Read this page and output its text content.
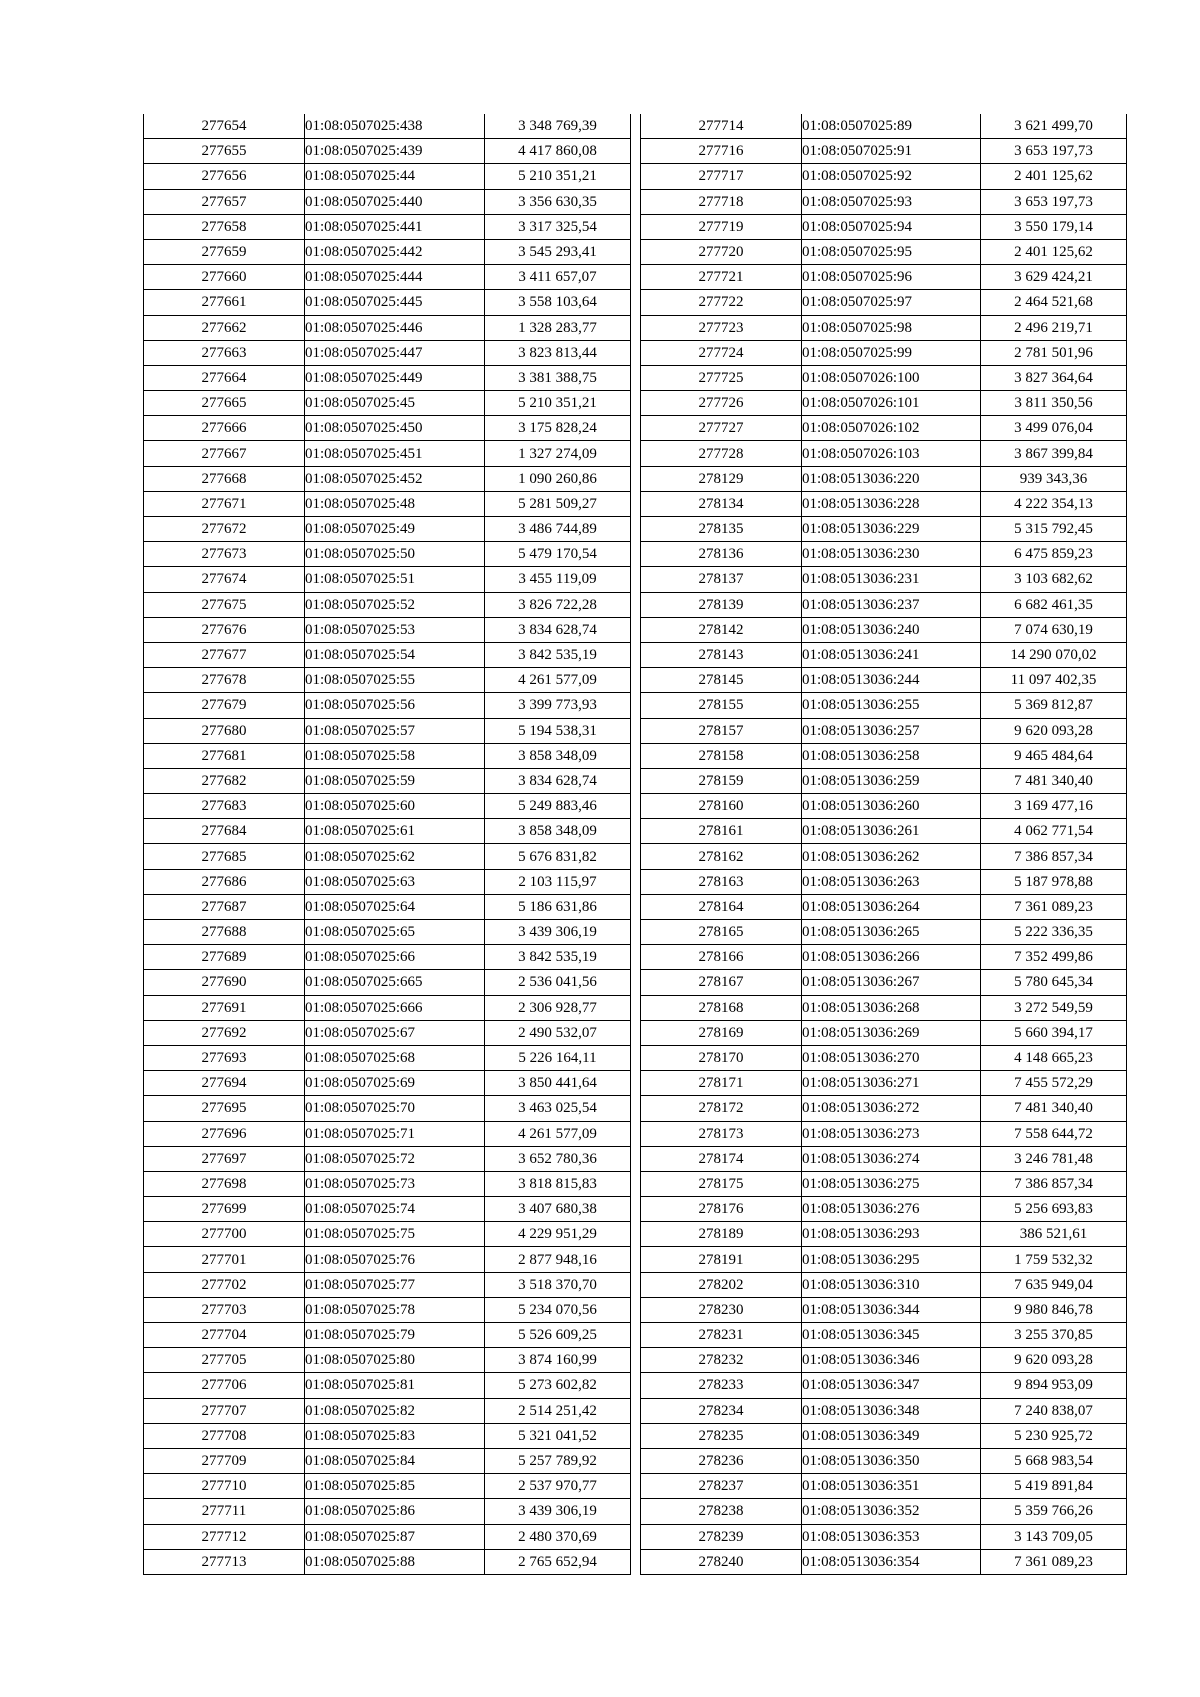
277654	01:08:0507025:438	3 348 769,39
277655	01:08:0507025:439	4 417 860,08
277656	01:08:0507025:44	5 210 351,21
277657	01:08:0507025:440	3 356 630,35
277658	01:08:0507025:441	3 317 325,54
277659	01:08:0507025:442	3 545 293,41
277660	01:08:0507025:444	3 411 657,07
277661	01:08:0507025:445	3 558 103,64
277662	01:08:0507025:446	1 328 283,77
277663	01:08:0507025:447	3 823 813,44
277664	01:08:0507025:449	3 381 388,75
277665	01:08:0507025:45	5 210 351,21
277666	01:08:0507025:450	3 175 828,24
277667	01:08:0507025:451	1 327 274,09
277668	01:08:0507025:452	1 090 260,86
277671	01:08:0507025:48	5 281 509,27
277672	01:08:0507025:49	3 486 744,89
277673	01:08:0507025:50	5 479 170,54
277674	01:08:0507025:51	3 455 119,09
277675	01:08:0507025:52	3 826 722,28
277676	01:08:0507025:53	3 834 628,74
277677	01:08:0507025:54	3 842 535,19
277678	01:08:0507025:55	4 261 577,09
277679	01:08:0507025:56	3 399 773,93
277680	01:08:0507025:57	5 194 538,31
277681	01:08:0507025:58	3 858 348,09
277682	01:08:0507025:59	3 834 628,74
277683	01:08:0507025:60	5 249 883,46
277684	01:08:0507025:61	3 858 348,09
277685	01:08:0507025:62	5 676 831,82
277686	01:08:0507025:63	2 103 115,97
277687	01:08:0507025:64	5 186 631,86
277688	01:08:0507025:65	3 439 306,19
277689	01:08:0507025:66	3 842 535,19
277690	01:08:0507025:665	2 536 041,56
277691	01:08:0507025:666	2 306 928,77
277692	01:08:0507025:67	2 490 532,07
277693	01:08:0507025:68	5 226 164,11
277694	01:08:0507025:69	3 850 441,64
277695	01:08:0507025:70	3 463 025,54
277696	01:08:0507025:71	4 261 577,09
277697	01:08:0507025:72	3 652 780,36
277698	01:08:0507025:73	3 818 815,83
277699	01:08:0507025:74	3 407 680,38
277700	01:08:0507025:75	4 229 951,29
277701	01:08:0507025:76	2 877 948,16
277702	01:08:0507025:77	3 518 370,70
277703	01:08:0507025:78	5 234 070,56
277704	01:08:0507025:79	5 526 609,25
277705	01:08:0507025:80	3 874 160,99
277706	01:08:0507025:81	5 273 602,82
277707	01:08:0507025:82	2 514 251,42
277708	01:08:0507025:83	5 321 041,52
277709	01:08:0507025:84	5 257 789,92
277710	01:08:0507025:85	2 537 970,77
277711	01:08:0507025:86	3 439 306,19
277712	01:08:0507025:87	2 480 370,69
277713	01:08:0507025:88	2 765 652,94
277714	01:08:0507025:89	3 621 499,70
277716	01:08:0507025:91	3 653 197,73
277717	01:08:0507025:92	2 401 125,62
277718	01:08:0507025:93	3 653 197,73
277719	01:08:0507025:94	3 550 179,14
277720	01:08:0507025:95	2 401 125,62
277721	01:08:0507025:96	3 629 424,21
277722	01:08:0507025:97	2 464 521,68
277723	01:08:0507025:98	2 496 219,71
277724	01:08:0507025:99	2 781 501,96
277725	01:08:0507026:100	3 827 364,64
277726	01:08:0507026:101	3 811 350,56
277727	01:08:0507026:102	3 499 076,04
277728	01:08:0507026:103	3 867 399,84
278129	01:08:0513036:220	939 343,36
278134	01:08:0513036:228	4 222 354,13
278135	01:08:0513036:229	5 315 792,45
278136	01:08:0513036:230	6 475 859,23
278137	01:08:0513036:231	3 103 682,62
278139	01:08:0513036:237	6 682 461,35
278142	01:08:0513036:240	7 074 630,19
278143	01:08:0513036:241	14 290 070,02
278145	01:08:0513036:244	11 097 402,35
278155	01:08:0513036:255	5 369 812,87
278157	01:08:0513036:257	9 620 093,28
278158	01:08:0513036:258	9 465 484,64
278159	01:08:0513036:259	7 481 340,40
278160	01:08:0513036:260	3 169 477,16
278161	01:08:0513036:261	4 062 771,54
278162	01:08:0513036:262	7 386 857,34
278163	01:08:0513036:263	5 187 978,88
278164	01:08:0513036:264	7 361 089,23
278165	01:08:0513036:265	5 222 336,35
278166	01:08:0513036:266	7 352 499,86
278167	01:08:0513036:267	5 780 645,34
278168	01:08:0513036:268	3 272 549,59
278169	01:08:0513036:269	5 660 394,17
278170	01:08:0513036:270	4 148 665,23
278171	01:08:0513036:271	7 455 572,29
278172	01:08:0513036:272	7 481 340,40
278173	01:08:0513036:273	7 558 644,72
278174	01:08:0513036:274	3 246 781,48
278175	01:08:0513036:275	7 386 857,34
278176	01:08:0513036:276	5 256 693,83
278189	01:08:0513036:293	386 521,61
278191	01:08:0513036:295	1 759 532,32
278202	01:08:0513036:310	7 635 949,04
278230	01:08:0513036:344	9 980 846,78
278231	01:08:0513036:345	3 255 370,85
278232	01:08:0513036:346	9 620 093,28
278233	01:08:0513036:347	9 894 953,09
278234	01:08:0513036:348	7 240 838,07
278235	01:08:0513036:349	5 230 925,72
278236	01:08:0513036:350	5 668 983,54
278237	01:08:0513036:351	5 419 891,84
278238	01:08:0513036:352	5 359 766,26
278239	01:08:0513036:353	3 143 709,05
278240	01:08:0513036:354	7 361 089,23
